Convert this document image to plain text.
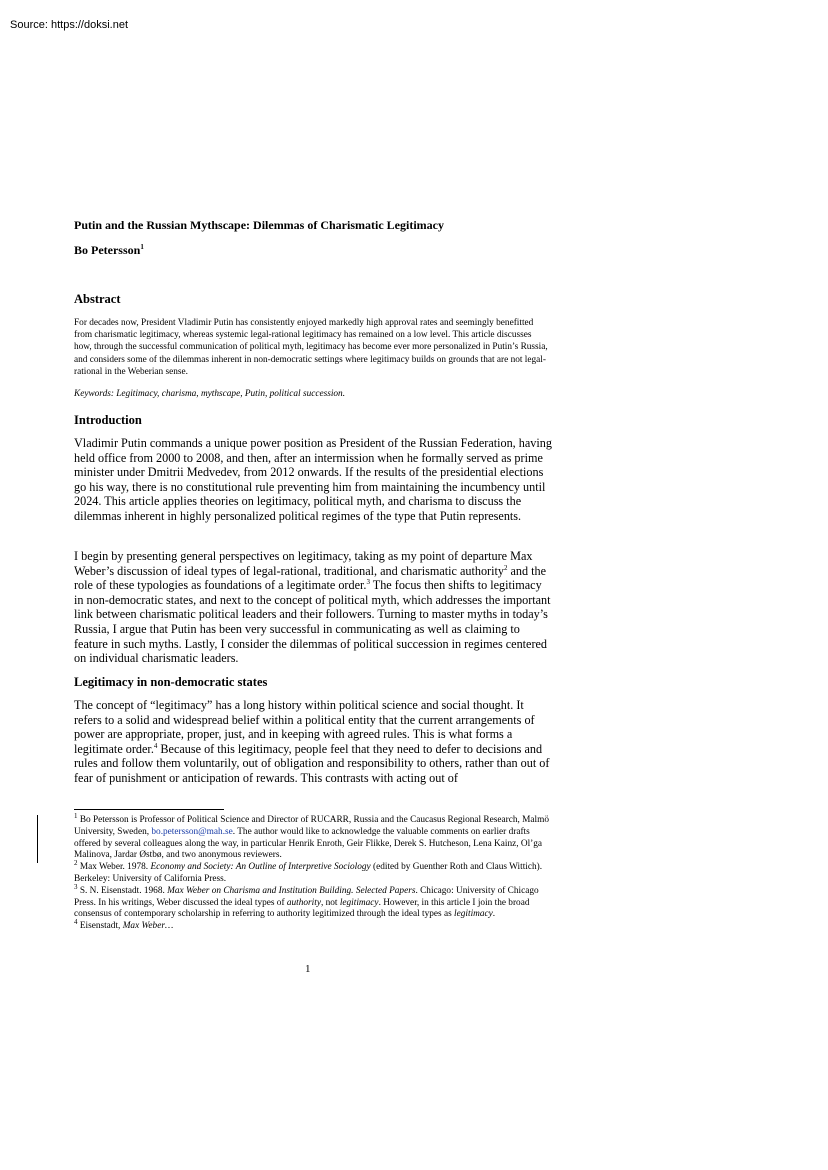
Source: https://doksi.net
Putin and the Russian Mythscape: Dilemmas of Charismatic Legitimacy
Bo Petersson$^1$
Abstract

For decades now, President Vladimir Putin has consistently enjoyed markedly high approval rates and seemingly benefitted from charismatic legitimacy, whereas systemic legal-rational legitimacy has remained on a low level. This article discusses how, through the successful communication of political myth, legitimacy has become ever more personalized in Putin’s Russia, and considers some of the dilemmas inherent in non-democratic settings where legitimacy builds on grounds that are not legal-rational in the Weberian sense.

Keywords: Legitimacy, charisma, mythscape, Putin, political succession.

Introduction

Vladimir Putin commands a unique power position as President of the Russian Federation, having held office from 2000 to 2008, and then, after an intermission when he formally served as prime minister under Dmitrii Medvedev, from 2012 onwards. If the results of the presidential elections go his way, there is no constitutional rule preventing him from maintaining the incumbency until 2024. This article applies theories on legitimacy, political myth, and charisma to discuss the dilemmas inherent in highly personalized political regimes of the type that Putin represents.

I begin by presenting general perspectives on legitimacy, taking as my point of departure Max Weber’s discussion of ideal types of legal-rational, traditional, and charismatic authority$^2$ and the role of these typologies as foundations of a legitimate order.$^3$ The focus then shifts to legitimacy in non-democratic states, and next to the concept of political myth, which addresses the important link between charismatic political leaders and their followers. Turning to master myths in today’s Russia, I argue that Putin has been very successful in communicating as well as claiming to feature in such myths. Lastly, I consider the dilemmas of political succession in regimes centered on individual charismatic leaders.

Legitimacy in non-democratic states

The concept of “legitimacy” has a long history within political science and social thought. It refers to a solid and widespread belief within a political entity that the current arrangements of power are appropriate, proper, just, and in keeping with agreed rules. This is what forms a legitimate order.$^4$ Because of this legitimacy, people feel that they need to defer to decisions and rules and follow them voluntarily, out of obligation and responsibility to others, rather than out of fear of punishment or anticipation of rewards. This contrasts with acting out of

$^1$ Bo Petersson is Professor of Political Science and Director of RUCARR, Russia and the Caucasus Regional Research, Malmö University, Sweden, bo.petersson@mah.se. The author would like to acknowledge the valuable comments on earlier drafts offered by several colleagues along the way, in particular Henrik Enroth, Geir Flikke, Derek S. Hutcheson, Lena Kainz, Ol’ga Malinova, Jardar Østbø, and two anonymous reviewers.

$^2$ Max Weber. 1978. Economy and Society: An Outline of Interpretive Sociology (edited by Guenther Roth and Claus Wittich). Berkeley: University of California Press.

$^3$ S. N. Eisenstadt. 1968. Max Weber on Charisma and Institution Building. Selected Papers. Chicago: University of Chicago Press. In his writings, Weber discussed the ideal types of authority, not legitimacy. However, in this article I join the broad consensus of contemporary scholarship in referring to authority legitimized through the ideal types as legitimacy.

$^4$ Eisenstadt, Max Weber…

1
